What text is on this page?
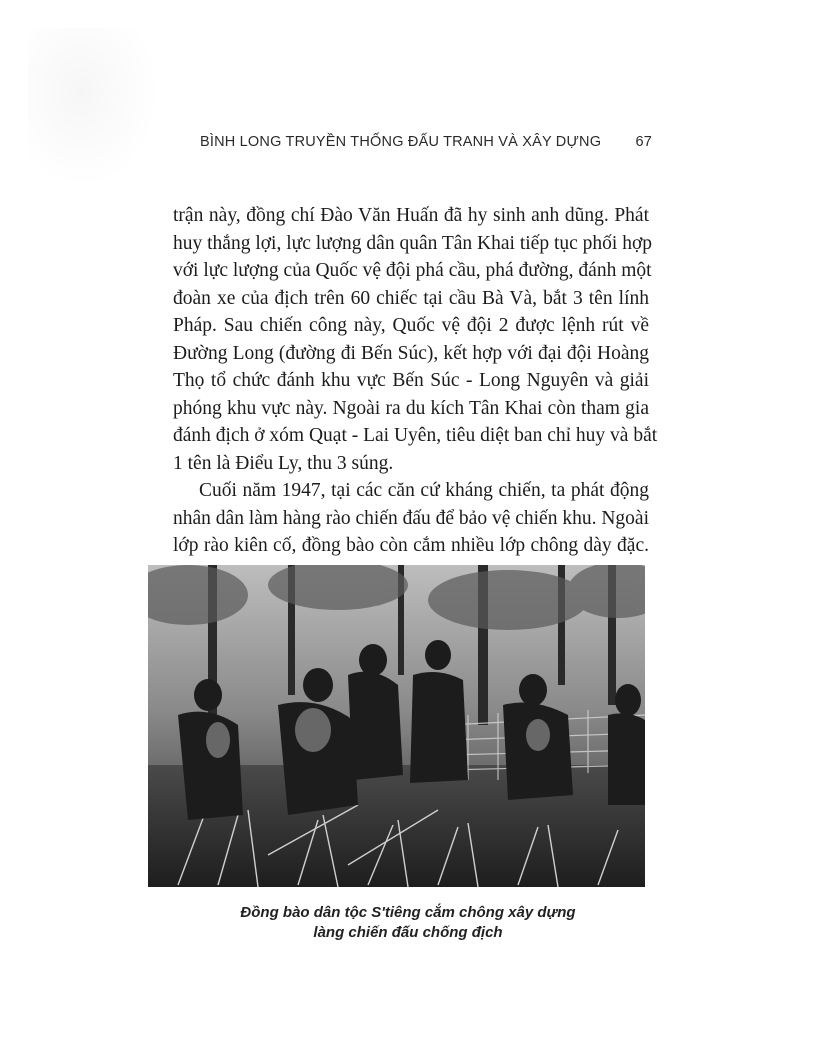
BÌNH LONG TRUYỀN THỐNG ĐẤU TRANH VÀ XÂY DỰNG 67
trận này, đồng chí Đào Văn Huấn đã hy sinh anh dũng. Phát
huy thắng lợi, lực lượng dân quân Tân Khai tiếp tục phối hợp
với lực lượng của Quốc vệ đội phá cầu, phá đường, đánh một
đoàn xe của địch trên 60 chiếc tại cầu Bà Và, bắt 3 tên lính
Pháp. Sau chiến công này, Quốc vệ đội 2 được lệnh rút về
Đường Long (đường đi Bến Súc), kết hợp với đại đội Hoàng
Thọ tổ chức đánh khu vực Bến Súc - Long Nguyên và giải
phóng khu vực này. Ngoài ra du kích Tân Khai còn tham gia
đánh địch ở xóm Quạt - Lai Uyên, tiêu diệt ban chỉ huy và bắt
1 tên là Điểu Ly, thu 3 súng.
Cuối năm 1947, tại các căn cứ kháng chiến, ta phát động
nhân dân làm hàng rào chiến đấu để bảo vệ chiến khu. Ngoài
lớp rào kiên cố, đồng bào còn cắm nhiều lớp chông dày đặc.
Đồng bào dân tộc S'tiêng cắm chông xây dựng
làng chiến đấu chống địch
